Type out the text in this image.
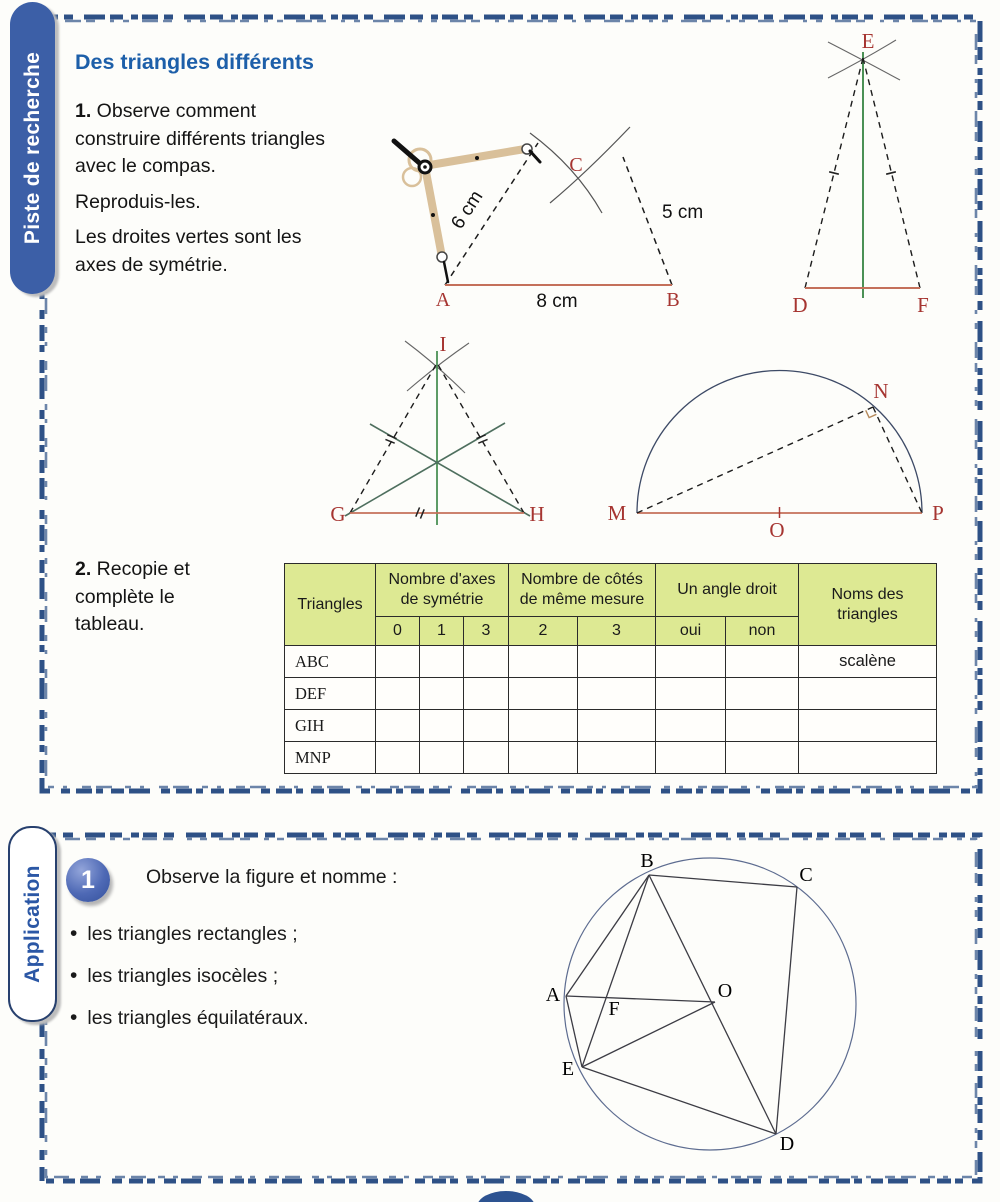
Piste de recherche
Application
Des triangles différents
1. Observe comment construire différents triangles avec le compas.
Reproduis-les.
Les droites vertes sont les axes de symétrie.
A	B
C
8 cm
5 cm
6 cm
E
D	F
I
G	H	M	P
O
N
2. Recopie et complète le tableau.
Triangles	Nombre d'axes de symétrie			Nombre de côtés de même mesure		Un angle droit		Noms des triangles
	0	1	3	2	3	oui	non	
ABC								scalène
DEF								
GIH								
MNP								
1	Observe la figure et nomme :
• les triangles rectangles ;
• les triangles isocèles ;
• les triangles équilatéraux.
B
C
A
E
D
O
F
